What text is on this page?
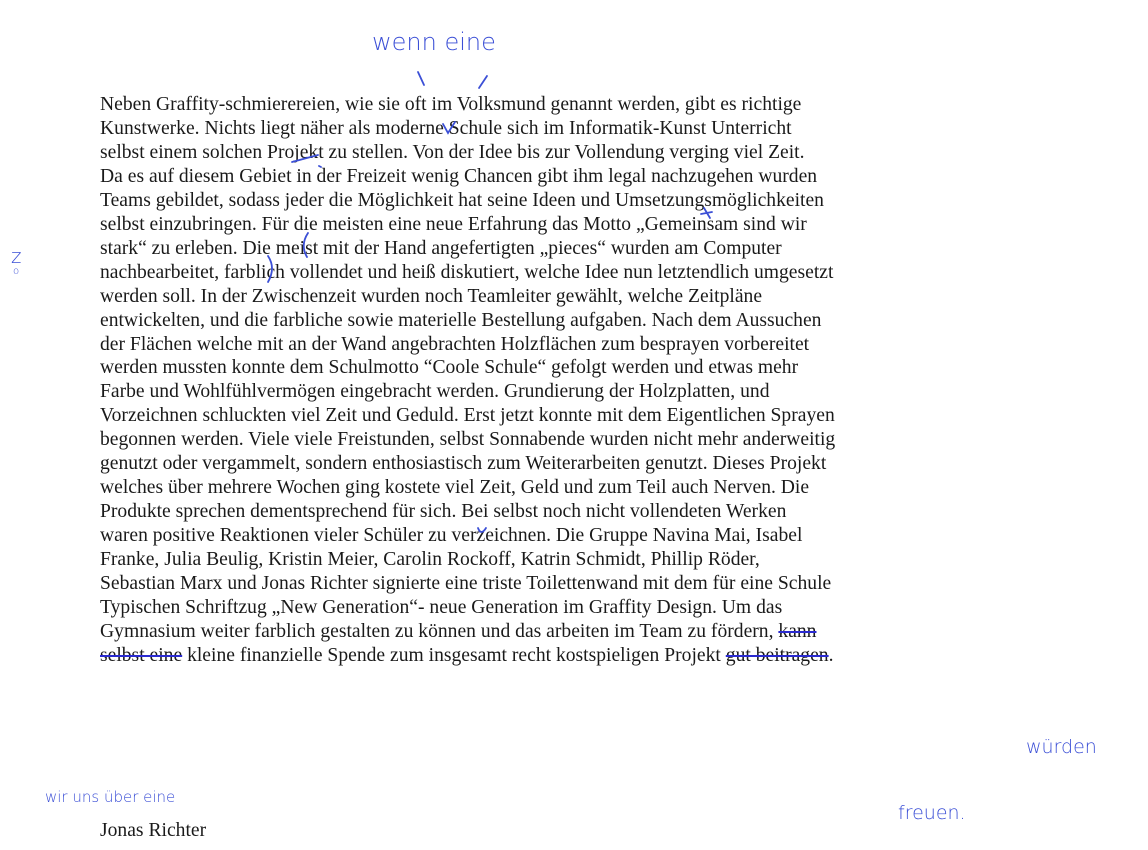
Neben Graffity-schmierereien, wie sie oft im Volksmund genannt werden, gibt es richtige
Kunstwerke. Nichts liegt näher als moderne Schule sich im Informatik-Kunst Unterricht
selbst einem solchen Projekt zu stellen. Von der Idee bis zur Vollendung verging viel Zeit.
Da es auf diesem Gebiet in der Freizeit wenig Chancen gibt ihm legal nachzugehen wurden
Teams gebildet, sodass jeder die Möglichkeit hat seine Ideen und Umsetzungsmöglichkeiten
selbst einzubringen. Für die meisten eine neue Erfahrung das Motto „Gemeinsam sind wir
stark“ zu erleben. Die meist mit der Hand angefertigten „pieces“ wurden am Computer
nachbearbeitet, farblich vollendet und heiß diskutiert, welche Idee nun letztendlich umgesetzt
werden soll. In der Zwischenzeit wurden noch Teamleiter gewählt, welche Zeitpläne
entwickelten, und die farbliche sowie materielle Bestellung aufgaben. Nach dem Aussuchen
der Flächen welche mit an der Wand angebrachten Holzflächen zum besprayen vorbereitet
werden mussten konnte dem Schulmotto “Coole Schule“ gefolgt werden und etwas mehr
Farbe und Wohlfühlvermögen eingebracht werden. Grundierung der Holzplatten, und
Vorzeichnen schluckten viel Zeit und Geduld. Erst jetzt konnte mit dem Eigentlichen Sprayen
begonnen werden. Viele viele Freistunden, selbst Sonnabende wurden nicht mehr anderweitig
genutzt oder vergammelt, sondern enthosiastisch zum Weiterarbeiten genutzt. Dieses Projekt
welches über mehrere Wochen ging kostete viel Zeit, Geld und zum Teil auch Nerven. Die
Produkte sprechen dementsprechend für sich. Bei selbst noch nicht vollendeten Werken
waren positive Reaktionen vieler Schüler zu verzeichnen. Die Gruppe Navina Mai, Isabel
Franke, Julia Beulig, Kristin Meier, Carolin Rockoff, Katrin Schmidt, Phillip Röder,
Sebastian Marx und Jonas Richter signierte eine triste Toilettenwand mit dem für eine Schule
Typischen Schriftzug „New Generation“- neue Generation im Graffity Design. Um das
Gymnasium weiter farblich gestalten zu können und das arbeiten im Team zu fördern, kann
selbst eine kleine finanzielle Spende zum insgesamt recht kostspieligen Projekt gut beitragen.
Jonas Richter
wenn eine
z
o
würden
wir uns über eine
freuen.
